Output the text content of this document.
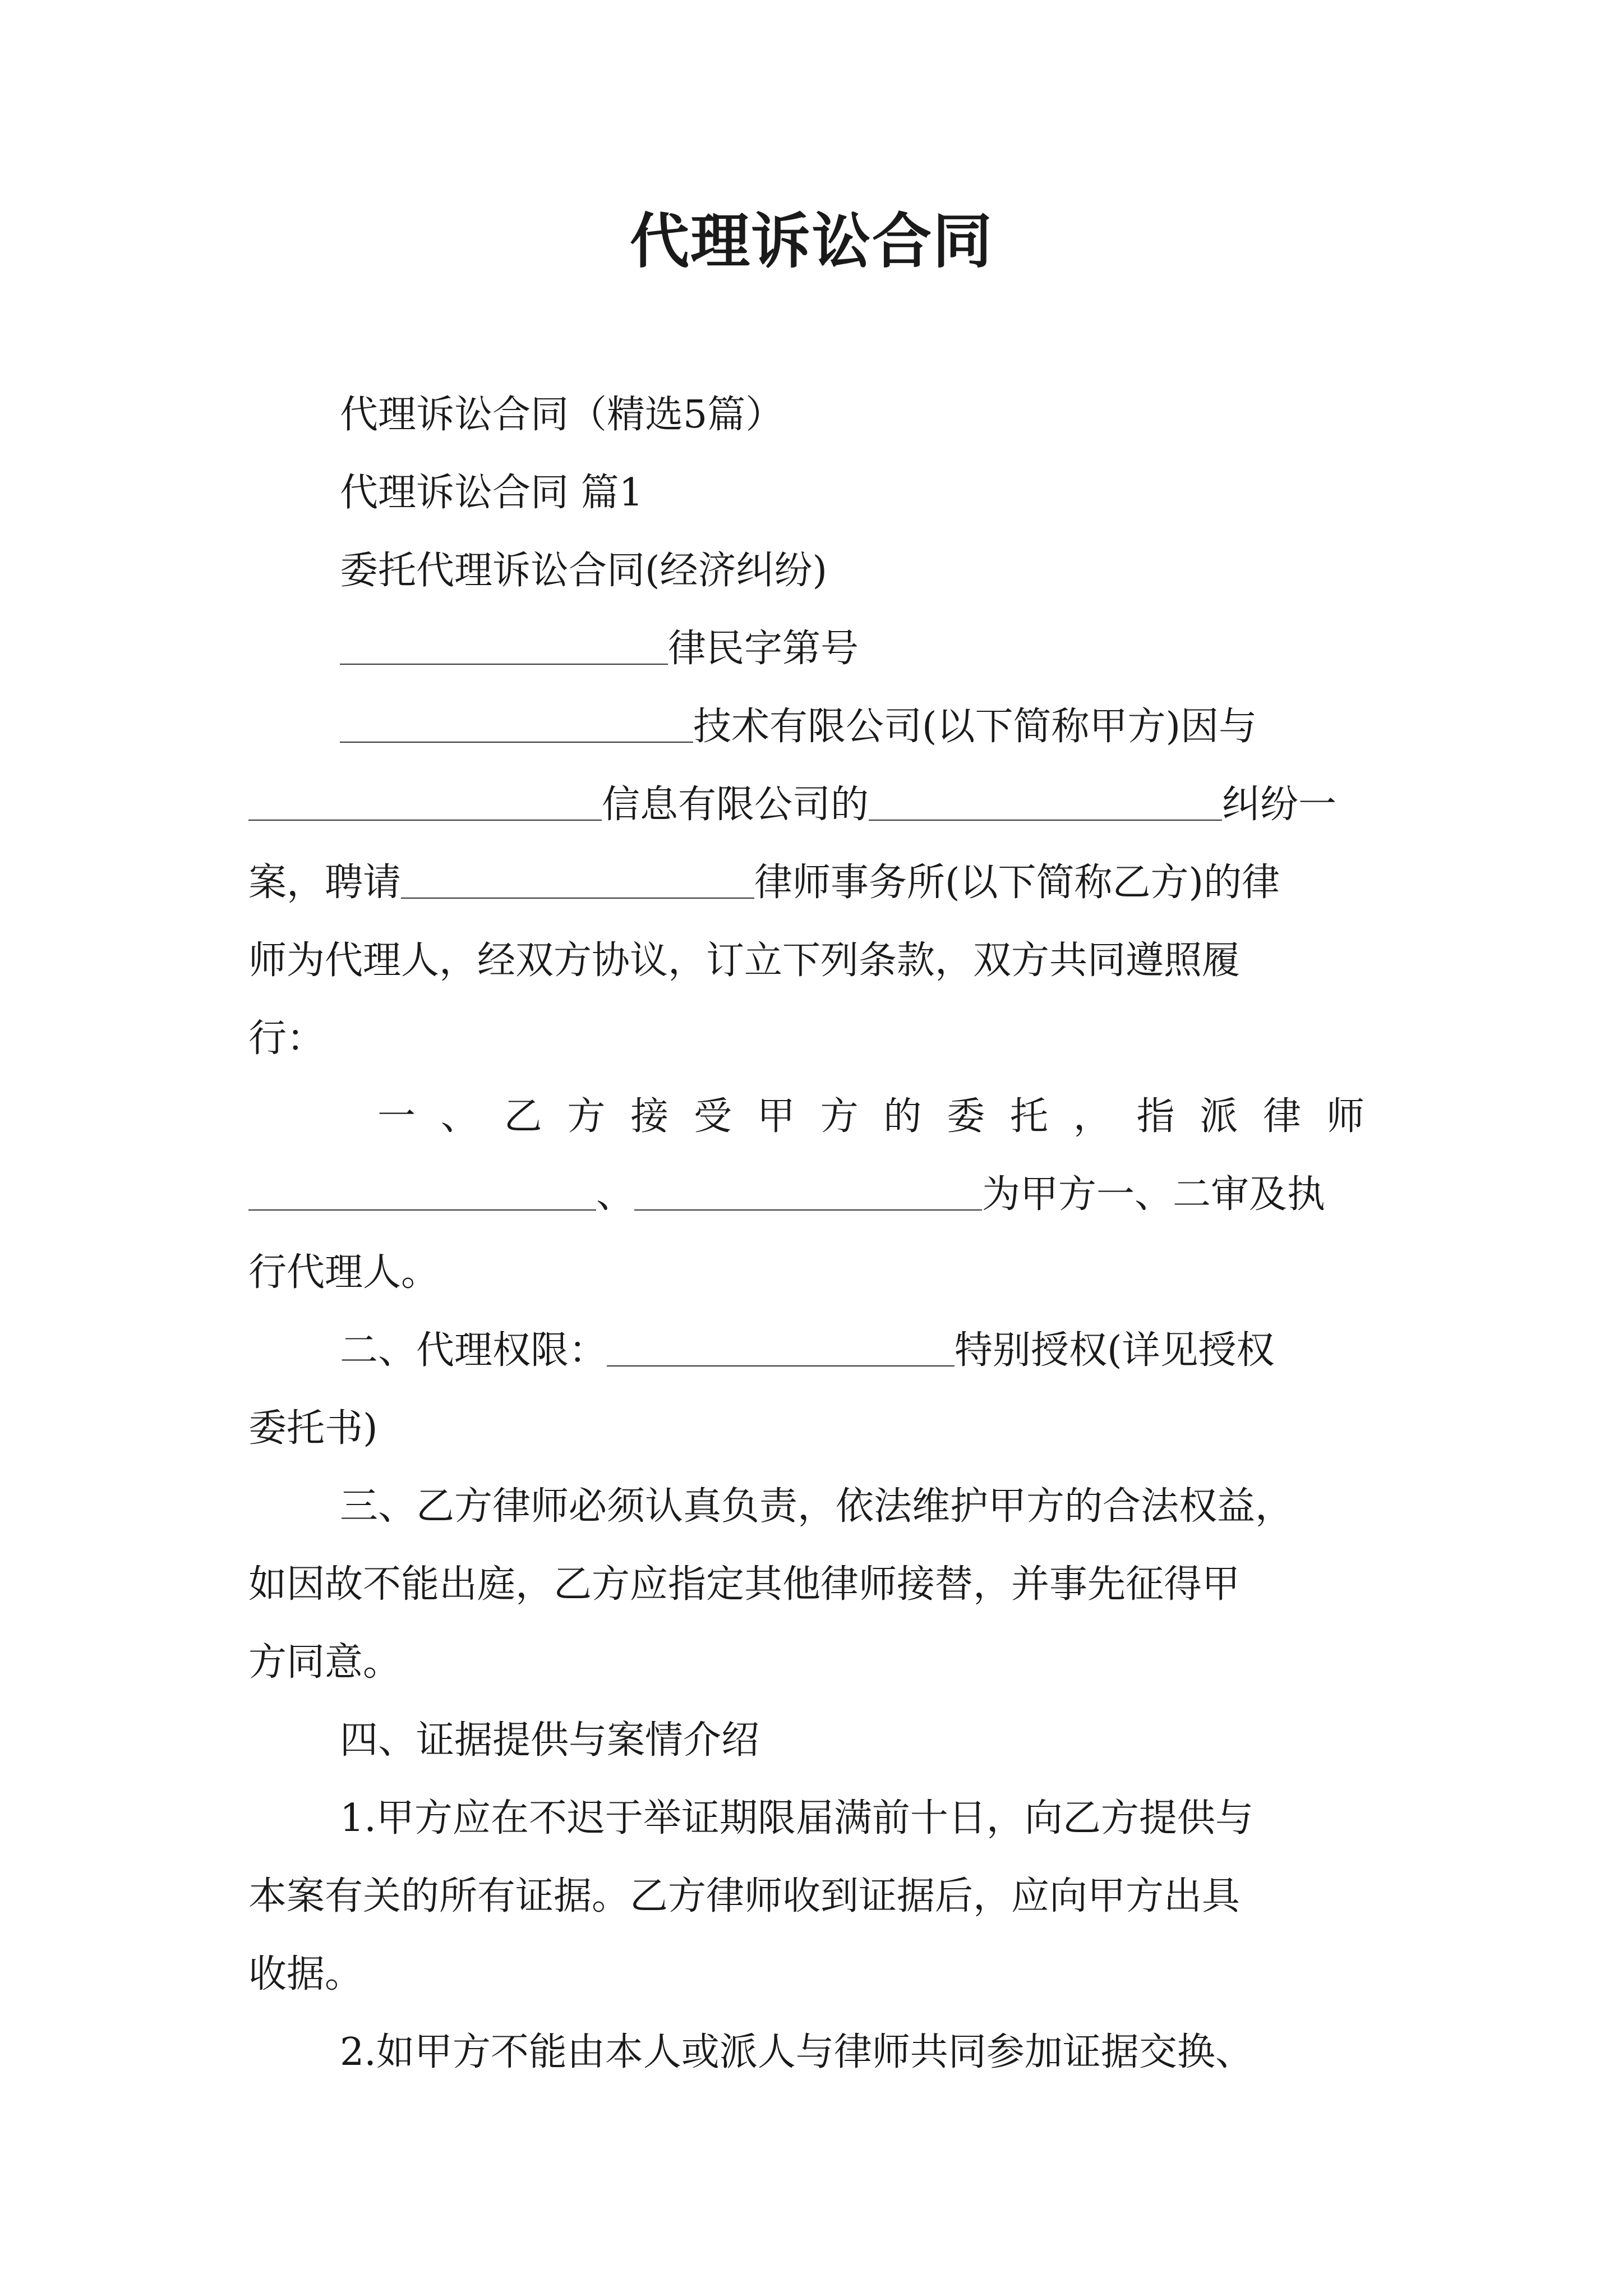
代理诉讼合同
代理诉讼合同（精选5篇）
代理诉讼合同 篇1
委托代理诉讼合同(经济纠纷)
律民字第号
技术有限公司(以下简称甲方)因与
信息有限公司的	纠纷一
案，聘请	律师事务所(以下简称乙方)的律
师为代理人，经双方协议，订立下列条款，双方共同遵照履
行：
一、乙方接受甲方的委托，指派律师
、	为甲方一、二审及执
行代理人。
二、代理权限：	特别授权(详见授权
委托书)
三、乙方律师必须认真负责，依法维护甲方的合法权益，
如因故不能出庭，乙方应指定其他律师接替，并事先征得甲
方同意。
四、证据提供与案情介绍
1.甲方应在不迟于举证期限届满前十日，向乙方提供与
本案有关的所有证据。乙方律师收到证据后，应向甲方出具
收据。
2.如甲方不能由本人或派人与律师共同参加证据交换、
